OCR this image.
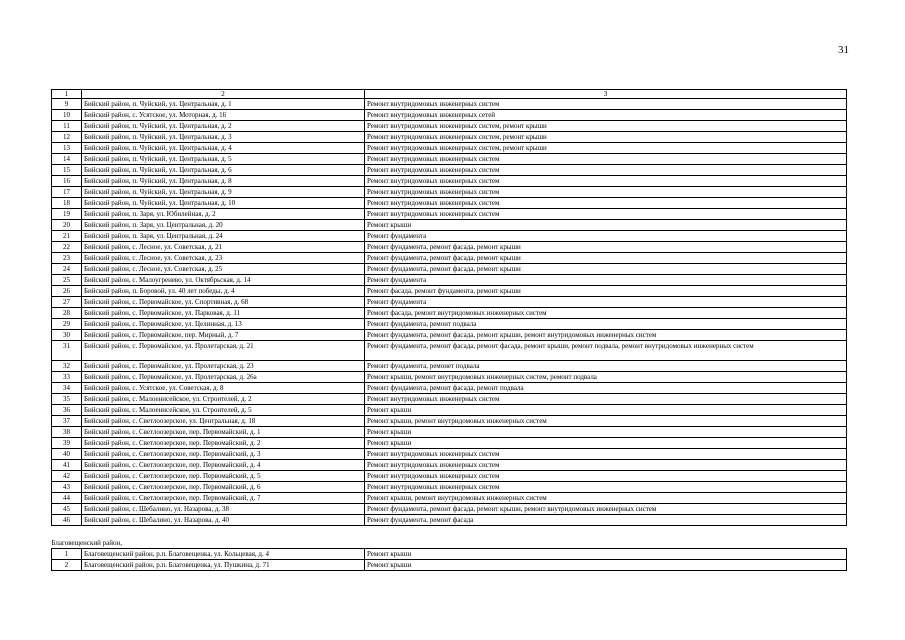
31
1	2	3
9	Бийский район, п. Чуйский, ул. Центральная, д. 1	Ремонт внутридомовых инженерных систем
10	Бийский район, с. Усятское, ул. Моторная, д. 16	Ремонт внутридомовых инженерных сетей
11	Бийский район, п. Чуйский, ул. Центральная, д. 2	Ремонт внутридомовых инженерных систем, ремонт крыши
12	Бийский район, п. Чуйский, ул. Центральная, д. 3	Ремонт внутридомовых инженерных систем, ремонт крыши
13	Бийский район, п. Чуйский, ул. Центральная, д. 4	Ремонт внутридомовых инженерных систем, ремонт крыши
14	Бийский район, п. Чуйский, ул. Центральная, д. 5	Ремонт внутридомовых инженерных систем
15	Бийский район, п. Чуйский, ул. Центральная, д. 6	Ремонт внутридомовых инженерных систем
16	Бийский район, п. Чуйский, ул. Центральная, д. 8	Ремонт внутридомовых инженерных систем
17	Бийский район, п. Чуйский, ул. Центральная, д. 9	Ремонт внутридомовых инженерных систем
18	Бийский район, п. Чуйский, ул. Центральная, д. 10	Ремонт внутридомовых инженерных систем
19	Бийский район, п. Заря, ул. Юбилейная, д. 2	Ремонт внутридомовых инженерных систем
20	Бийский район, п. Заря, ул. Центральная, д. 20	Ремонт крыши
21	Бийский район, п. Заря, ул. Центральная, д. 24	Ремонт фундамента
22	Бийский район, с. Лесное, ул. Советская, д. 21	Ремонт фундамента, ремонт фасада, ремонт крыши
23	Бийский район, с. Лесное, ул. Советская, д. 23	Ремонт фундамента, ремонт фасада, ремонт крыши
24	Бийский район, с. Лесное, ул. Советская, д. 25	Ремонт фундамента, ремонт фасада, ремонт крыши
25	Бийский район, с. Малоугренево, ул. Октябрьская, д. 14	Ремонт фундамента
26	Бийский район, п. Боровой, ул. 40 лет победы, д. 4	Ремонт фасада, ремонт фундамента, ремонт крыши
27	Бийский район, с. Первомайское, ул. Спортивная, д. 68	Ремонт фундамента
28	Бийский район, с. Первомайское, ул. Парковая, д. 11	Ремонт фасада, ремонт внутридомовых инженерных систем
29	Бийский район, с. Первомайское, ул. Целинная, д. 13	Ремонт фундамента, ремонт подвала
30	Бийский район, с. Первомайское, пер. Мирный, д. 7	Ремонт фундамента, ремонт фасада, ремонт крыши, ремонт внутридомовых инженерных систем
31	Бийский район, с. Первомайское, ул. Пролетарская, д. 21	Ремонт фундамента, ремонт фасада, ремонт фасада, ремонт крыши, ремонт подвала, ремонт внутридомовых инженерных систем
32	Бийский район, с. Первомайское, ул. Пролетарская, д. 23	Ремонт фундамента, ремонет подвала
33	Бийский район, с. Первомайское, ул. Пролетарская, д. 26а	Ремонт крыши, ремонт внутридомовых инженерных систем, ремонт подвала
34	Бийский район, с. Усятское, ул. Советская, д. 8	Ремонт фундамента, ремонт фасада, ремонт подвала
35	Бийский район, с. Малоенисейское, ул. Строителей, д. 2	Ремонт внутридомовых инженерных систем
36	Бийский район, с. Малоенисейское, ул. Строителей, д. 5	Ремонт крыши
37	Бийский район, с. Светлоозерское, ул. Центральная, д. 18	Ремонт крыши, ремонт внутридомовых инженерных систем
38	Бийский район, с. Светлоозерское, пер. Первомайский, д. 1	Ремонт крыши
39	Бийский район, с. Светлоозерское, пер. Первомайский, д. 2	Ремонт крыши
40	Бийский район, с. Светлоозерское, пер. Первомайский, д. 3	Ремонт внутридомовых инженерных систем
41	Бийский район, с. Светлоозерское, пер. Первомайский, д. 4	Ремонт внутридомовых инженерных систем
42	Бийский район, с. Светлоозерское, пер. Первомайский, д. 5	Ремонт внутридомовых инженерных систем
43	Бийский район, с. Светлоозерское, пер. Первомайский, д. 6	Ремонт внутридомовых инженерных систем
44	Бийский район, с. Светлоозерское, пер. Первомайский, д. 7	Ремонт крыши, ремонт внутридомовых инженерных систем
45	Бийский район, с. Шебалино, ул. Назарова, д. 38	Ремонт фундамента, ремонт фасада, ремонт крыши, ремонт внутридомовых инженерных систем
46	Бийский район, с. Шебалино, ул. Назарова, д. 40	Ремонт фундамента, ремонт фасада
Благовещенский район,		
1	Благовещенский район, р.п. Благовещенка, ул. Кольцевая, д. 4	Ремонт крыши
2	Благовещенский район, р.п. Благовещенка, ул. Пушкина, д. 71	Ремонт крыши
